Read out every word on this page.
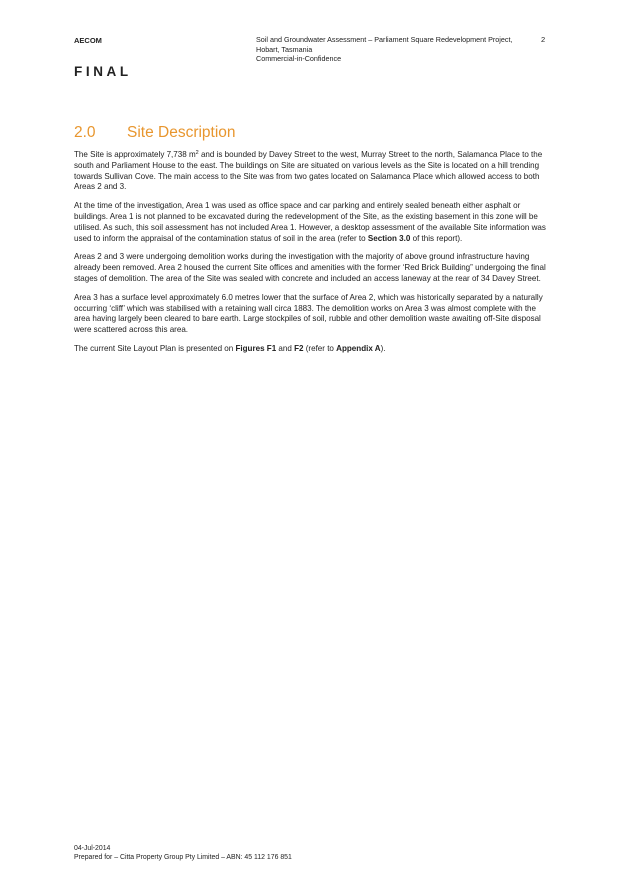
AECOM	Soil and Groundwater Assessment – Parliament Square Redevelopment Project,
Hobart, Tasmania
Commercial-in-Confidence
2
FINAL
2.0 Site Description

The Site is approximately 7,738 $m^2$ and is bounded by Davey Street to the west, Murray Street to the north, Salamanca Place to the south and Parliament House to the east. The buildings on Site are situated on various levels as the Site is located on a hill trending towards Sullivan Cove. The main access to the Site was from two gates located on Salamanca Place which allowed access to both Areas 2 and 3.

At the time of the investigation, Area 1 was used as office space and car parking and entirely sealed beneath either asphalt or buildings. Area 1 is not planned to be excavated during the redevelopment of the Site, as the existing basement in this zone will be utilised. As such, this soil assessment has not included Area 1. However, a desktop assessment of the available Site information was used to inform the appraisal of the contamination status of soil in the area (refer to Section 3.0 of this report).

Areas 2 and 3 were undergoing demolition works during the investigation with the majority of above ground infrastructure having already been removed. Area 2 housed the current Site offices and amenities with the former ‘Red Brick Building” undergoing the final stages of demolition. The area of the Site was sealed with concrete and included an access laneway at the rear of 34 Davey Street.

Area 3 has a surface level approximately 6.0 metres lower that the surface of Area 2, which was historically separated by a naturally occurring ‘cliff’ which was stabilised with a retaining wall circa 1883. The demolition works on Area 3 was almost complete with the area having largely been cleared to bare earth. Large stockpiles of soil, rubble and other demolition waste awaiting off-Site disposal were scattered across this area.

The current Site Layout Plan is presented on Figures F1 and F2 (refer to Appendix A).

04-Jul-2014
Prepared for – Citta Property Group Pty Limited – ABN: 45 112 176 851
